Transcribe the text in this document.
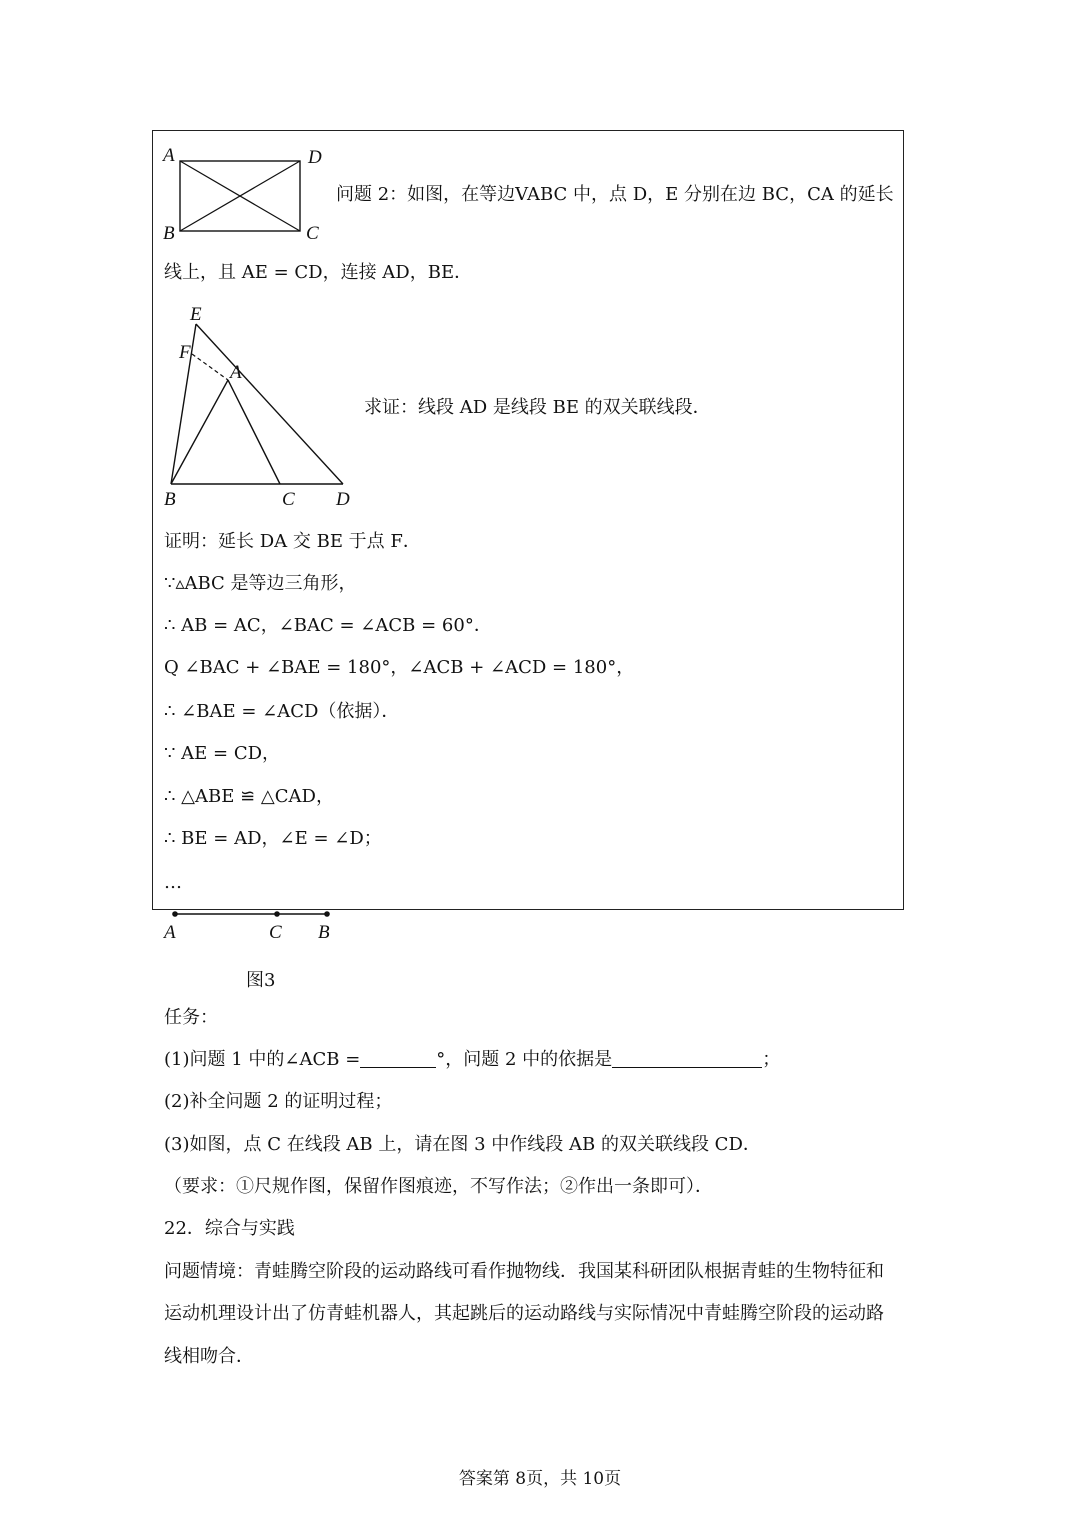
A	D
B	C
问题 2：如图，在等边VABC 中，点 D，E 分别在边 BC，CA 的延长
线上，且 AE = CD，连接 AD，BE．
E
F
A
B	C D
求证：线段 AD 是线段 BE 的双关联线段．
证明：延长 DA 交 BE 于点 F．
∵▵ABC 是等边三角形，
∴ AB = AC，∠BAC = ∠ACB = 60°．
Q ∠BAC + ∠BAE = 180°，∠ACB + ∠ACD = 180°，
∴ ∠BAE = ∠ACD（依据）．
∵ AE = CD，
∴ △ABE ≌ △CAD，
∴ BE = AD，∠E = ∠D；
…
A	C B
图3
任务：
(1)问题 1 中的∠ACB =	°，问题 2 中的依据是	；
(2)补全问题 2 的证明过程；
(3)如图，点 C 在线段 AB 上，请在图 3 中作线段 AB 的双关联线段 CD．
（要求：①尺规作图，保留作图痕迹，不写作法；②作出一条即可）．
22．综合与实践
问题情境：青蛙腾空阶段的运动路线可看作抛物线．我国某科研团队根据青蛙的生物特征和
运动机理设计出了仿青蛙机器人，其起跳后的运动路线与实际情况中青蛙腾空阶段的运动路
线相吻合．
答案第 8页，共 10页
